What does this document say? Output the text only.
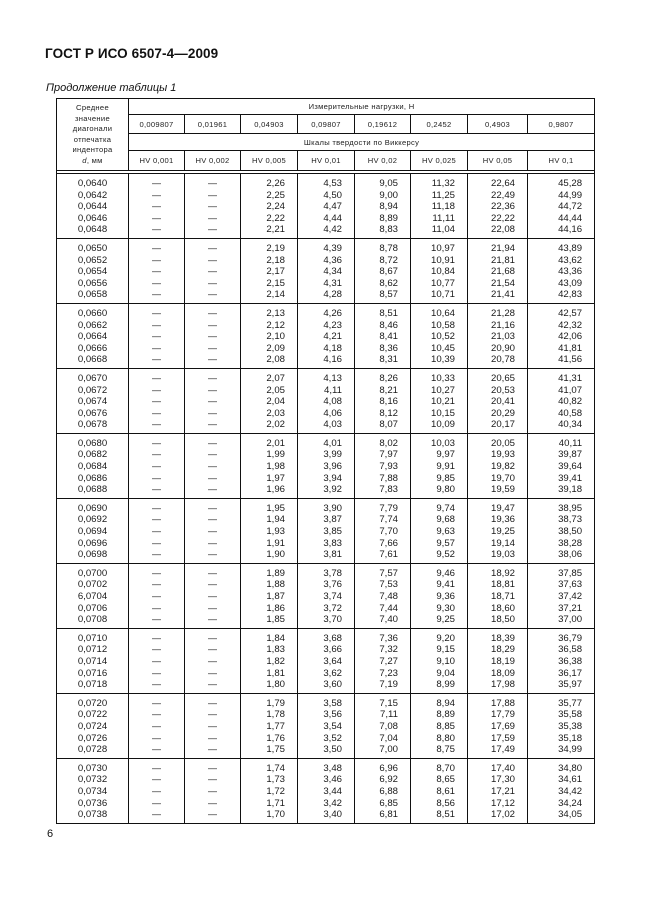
ГОСТ Р ИСО 6507-4—2009
Продолжение таблицы 1
Среднее
значение
диагонали
отпечатка
индентора
d, мм
	Измерительные нагрузки, Н
	0,009807	0,01961	0,04903	0,09807	0,19612	0,2452	0,4903	0,9807
	Шкалы твердости по Виккерсу							
	HV 0,001	HV 0,002	HV 0,005	HV 0,01	HV 0,02	HV 0,025	HV 0,05	HV 0,1

0,0640	—	—	2,26	4,53	9,05	11,32	22,64	45,28
0,0642	—	—	2,25	4,50	9,00	11,25	22,49	44,99
0,0644	—	—	2,24	4,47	8,94	11,18	22,36	44,72
0,0646	—	—	2,22	4,44	8,89	11,11	22,22	44,44
0,0648	—	—	2,21	4,42	8,83	11,04	22,08	44,16
0,0650	—	—	2,19	4,39	8,78	10,97	21,94	43,89
0,0652	—	—	2,18	4,36	8,72	10,91	21,81	43,62
0,0654	—	—	2,17	4,34	8,67	10,84	21,68	43,36
0,0656	—	—	2,15	4,31	8,62	10,77	21,54	43,09
0,0658	—	—	2,14	4,28	8,57	10,71	21,41	42,83
0,0660	—	—	2,13	4,26	8,51	10,64	21,28	42,57
0,0662	—	—	2,12	4,23	8,46	10,58	21,16	42,32
0,0664	—	—	2,10	4,21	8,41	10,52	21,03	42,06
0,0666	—	—	2,09	4,18	8,36	10,45	20,90	41,81
0,0668	—	—	2,08	4,16	8,31	10,39	20,78	41,56
0,0670	—	—	2,07	4,13	8,26	10,33	20,65	41,31
0,0672	—	—	2,05	4,11	8,21	10,27	20,53	41,07
0,0674	—	—	2,04	4,08	8,16	10,21	20,41	40,82
0,0676	—	—	2,03	4,06	8,12	10,15	20,29	40,58
0,0678	—	—	2,02	4,03	8,07	10,09	20,17	40,34
0,0680	—	—	2,01	4,01	8,02	10,03	20,05	40,11
0,0682	—	—	1,99	3,99	7,97	9,97	19,93	39,87
0,0684	—	—	1,98	3,96	7,93	9,91	19,82	39,64
0,0686	—	—	1,97	3,94	7,88	9,85	19,70	39,41
0,0688	—	—	1,96	3,92	7,83	9,80	19,59	39,18
0,0690	—	—	1,95	3,90	7,79	9,74	19,47	38,95
0,0692	—	—	1,94	3,87	7,74	9,68	19,36	38,73
0,0694	—	—	1,93	3,85	7,70	9,63	19,25	38,50
0,0696	—	—	1,91	3,83	7,66	9,57	19,14	38,28
0,0698	—	—	1,90	3,81	7,61	9,52	19,03	38,06
0,0700	—	—	1,89	3,78	7,57	9,46	18,92	37,85
0,0702	—	—	1,88	3,76	7,53	9,41	18,81	37,63
6,0704	—	—	1,87	3,74	7,48	9,36	18,71	37,42
0,0706	—	—	1,86	3,72	7,44	9,30	18,60	37,21
0,0708	—	—	1,85	3,70	7,40	9,25	18,50	37,00
0,0710	—	—	1,84	3,68	7,36	9,20	18,39	36,79
0,0712	—	—	1,83	3,66	7,32	9,15	18,29	36,58
0,0714	—	—	1,82	3,64	7,27	9,10	18,19	36,38
0,0716	—	—	1,81	3,62	7,23	9,04	18,09	36,17
0,0718	—	—	1,80	3,60	7,19	8,99	17,98	35,97
0,0720	—	—	1,79	3,58	7,15	8,94	17,88	35,77
0,0722	—	—	1,78	3,56	7,11	8,89	17,79	35,58
0,0724	—	—	1,77	3,54	7,08	8,85	17,69	35,38
0,0726	—	—	1,76	3,52	7,04	8,80	17,59	35,18
0,0728	—	—	1,75	3,50	7,00	8,75	17,49	34,99
0,0730	—	—	1,74	3,48	6,96	8,70	17,40	34,80
0,0732	—	—	1,73	3,46	6,92	8,65	17,30	34,61
0,0734	—	—	1,72	3,44	6,88	8,61	17,21	34,42
0,0736	—	—	1,71	3,42	6,85	8,56	17,12	34,24
0,0738	—	—	1,70	3,40	6,81	8,51	17,02	34,05
6
